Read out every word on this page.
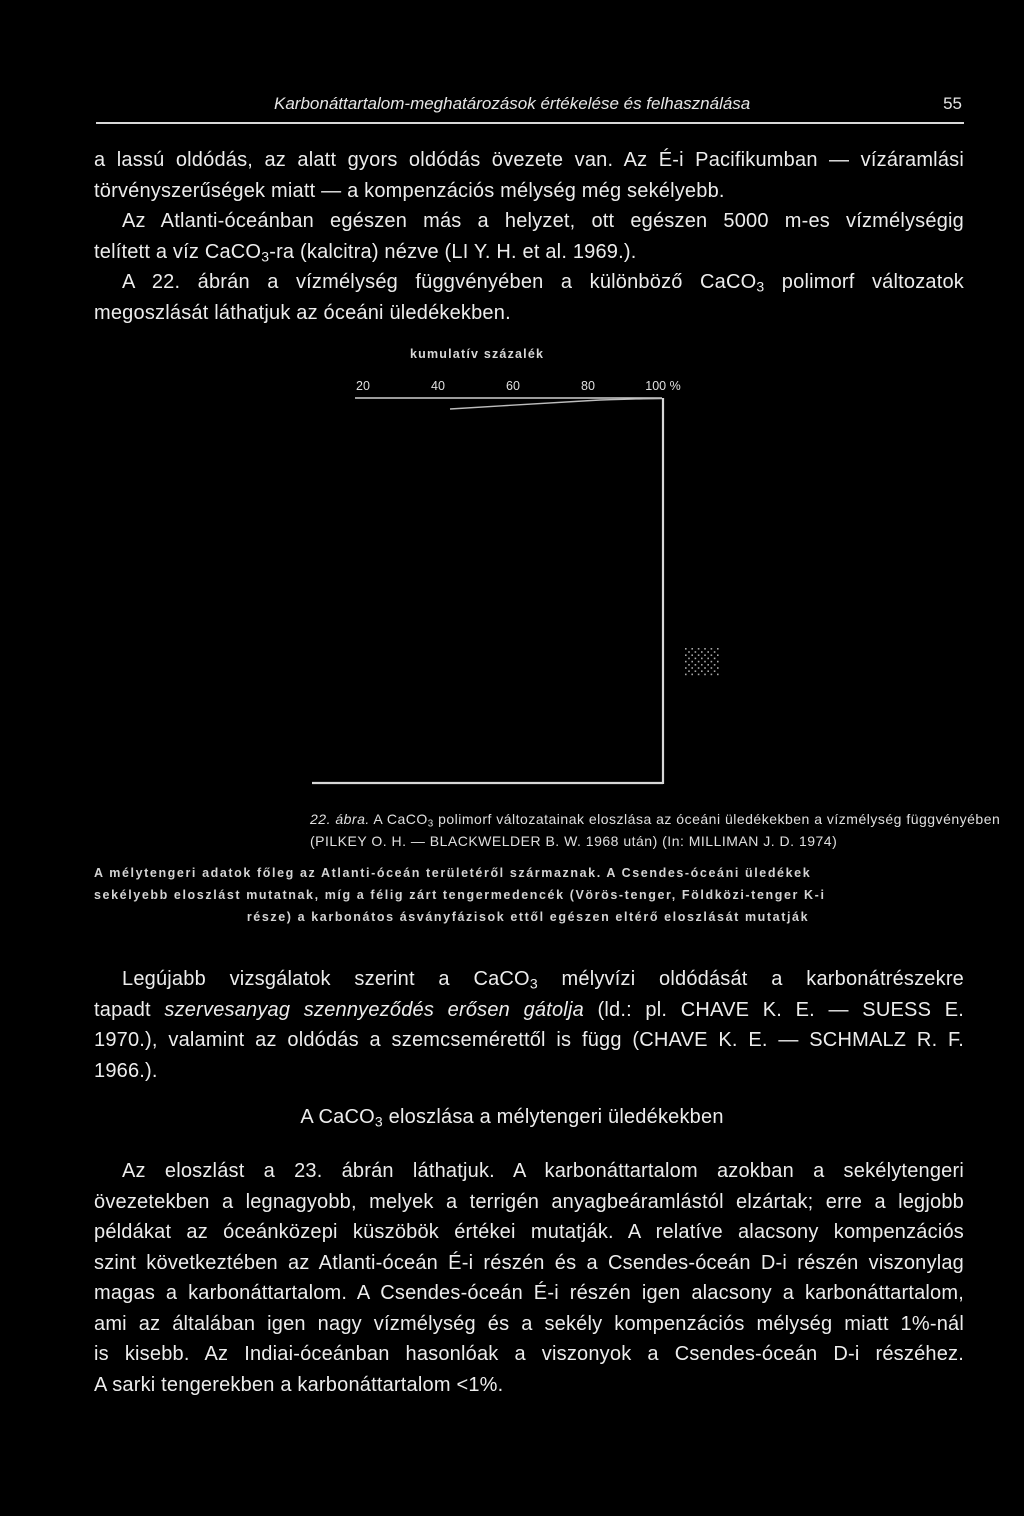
Karbonáttartalom-meghatározások értékelése és felhasználása	55
a lassú oldódás, az alatt gyors oldódás övezete van. Az É-i Pacifikumban — vízáramlási
törvényszerűségek miatt — a kompenzációs mélység még sekélyebb.
Az Atlanti-óceánban egészen más a helyzet, ott egészen 5000 m-es vízmélységig
telített a víz CaCO$_3$-ra (kalcitra) nézve (LI Y. H. et al. 1969.).
A 22. ábrán a vízmélység függvényében a különböző CaCO$_3$ polimorf változatok
megoszlását láthatjuk az óceáni üledékekben.
kumulatív százalék
20	40	60	80	100 %
22. ábra. A CaCO$_3$ polimorf változatainak eloszlása az óceáni üledékekben a vízmélység függvényében
(PILKEY O. H. — BLACKWELDER B. W. 1968 után) (In: MILLIMAN J. D. 1974)
A mélytengeri adatok főleg az Atlanti-óceán területéről származnak. A Csendes-óceáni üledékek
sekélyebb eloszlást mutatnak, míg a félig zárt tengermedencék (Vörös-tenger, Földközi-tenger K-i
része) a karbonátos ásványfázisok ettől egészen eltérő eloszlását mutatják
Legújabb vizsgálatok szerint a CaCO$_3$ mélyvízi oldódását a karbonátrészekre
tapadt szervesanyag szennyeződés erősen gátolja (ld.: pl. CHAVE K. E. — SUESS E.
1970.), valamint az oldódás a szemcsemérettől is függ (CHAVE K. E. — SCHMALZ R. F.
1966.).
A CaCO$_3$ eloszlása a mélytengeri üledékekben
Az eloszlást a 23. ábrán láthatjuk. A karbonáttartalom azokban a sekélytengeri
övezetekben a legnagyobb, melyek a terrigén anyagbeáramlástól elzártak; erre a legjobb
példákat az óceánközepi küszöbök értékei mutatják. A relatíve alacsony kompenzációs
szint következtében az Atlanti-óceán É-i részén és a Csendes-óceán D-i részén viszonylag
magas a karbonáttartalom. A Csendes-óceán É-i részén igen alacsony a karbonáttartalom,
ami az általában igen nagy vízmélység és a sekély kompenzációs mélység miatt 1%-nál
is kisebb. Az Indiai-óceánban hasonlóak a viszonyok a Csendes-óceán D-i részéhez.
A sarki tengerekben a karbonáttartalom <1%.
